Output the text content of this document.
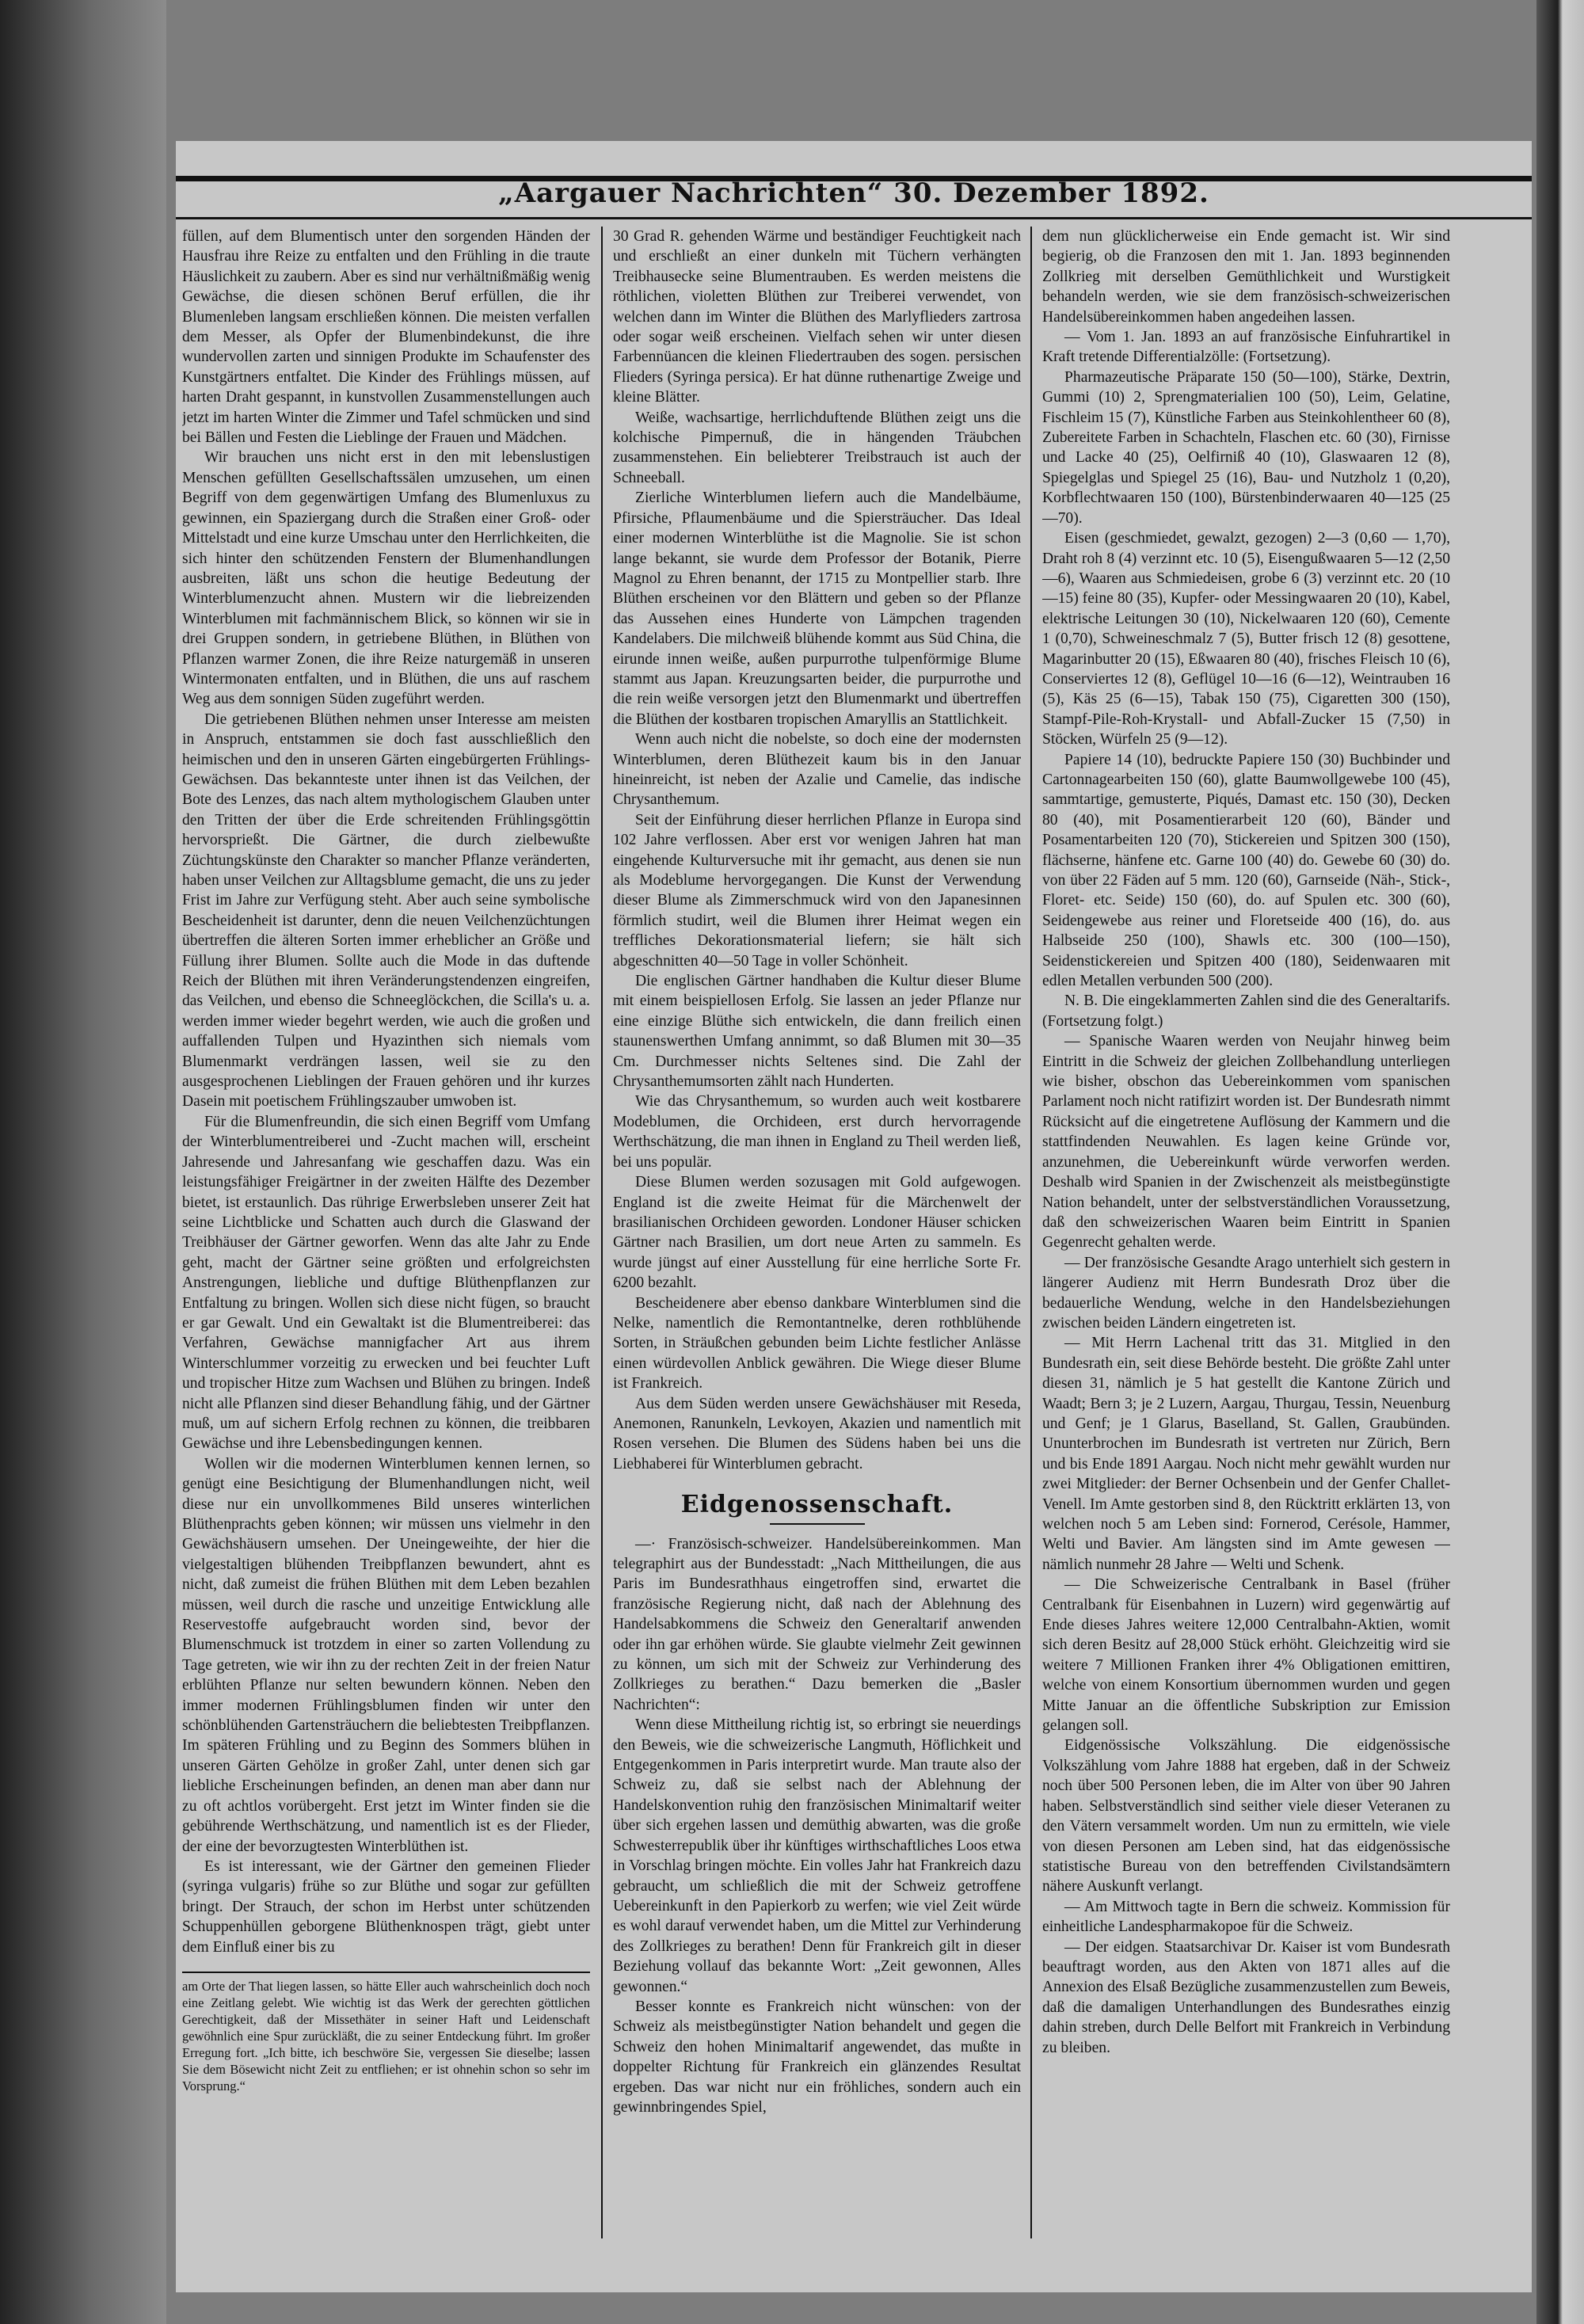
„Aargauer Nachrichten“ 30. Dezember 1892.

füllen, auf dem Blumentisch unter den sorgenden Händen der Hausfrau ihre Reize zu entfalten und den Frühling in die traute Häuslichkeit zu zaubern. Aber es sind nur verhältnißmäßig wenig Gewächse, die diesen schönen Beruf erfüllen, die ihr Blumenleben langsam erschließen können. Die meisten verfallen dem Messer, als Opfer der Blumenbindekunst, die ihre wundervollen zarten und sinnigen Produkte im Schaufenster des Kunstgärtners entfaltet. Die Kinder des Frühlings müssen, auf harten Draht gespannt, in kunstvollen Zusammenstellungen auch jetzt im harten Winter die Zimmer und Tafel schmücken und sind bei Bällen und Festen die Lieblinge der Frauen und Mädchen.

Wir brauchen uns nicht erst in den mit lebenslustigen Menschen gefüllten Gesellschaftssälen umzusehen, um einen Begriff von dem gegenwärtigen Umfang des Blumenluxus zu gewinnen, ein Spaziergang durch die Straßen einer Groß- oder Mittelstadt und eine kurze Umschau unter den Herrlichkeiten, die sich hinter den schützenden Fenstern der Blumenhandlungen ausbreiten, läßt uns schon die heutige Bedeutung der Winterblumenzucht ahnen. Mustern wir die liebreizenden Winterblumen mit fachmännischem Blick, so können wir sie in drei Gruppen sondern, in getriebene Blüthen, in Blüthen von Pflanzen warmer Zonen, die ihre Reize naturgemäß in unseren Wintermonaten entfalten, und in Blüthen, die uns auf raschem Weg aus dem sonnigen Süden zugeführt werden.

Die getriebenen Blüthen nehmen unser Interesse am meisten in Anspruch, entstammen sie doch fast ausschließlich den heimischen und den in unseren Gärten eingebürgerten Frühlings-Gewächsen. Das bekannteste unter ihnen ist das Veilchen, der Bote des Lenzes, das nach altem mythologischem Glauben unter den Tritten der über die Erde schreitenden Frühlingsgöttin hervorsprießt. Die Gärtner, die durch zielbewußte Züchtungskünste den Charakter so mancher Pflanze veränderten, haben unser Veilchen zur Alltagsblume gemacht, die uns zu jeder Frist im Jahre zur Verfügung steht. Aber auch seine symbolische Bescheidenheit ist darunter, denn die neuen Veilchenzüchtungen übertreffen die älteren Sorten immer erheblicher an Größe und Füllung ihrer Blumen. Sollte auch die Mode in das duftende Reich der Blüthen mit ihren Veränderungstendenzen eingreifen, das Veilchen, und ebenso die Schneeglöckchen, die Scilla's u. a. werden immer wieder begehrt werden, wie auch die großen und auffallenden Tulpen und Hyazinthen sich niemals vom Blumenmarkt verdrängen lassen, weil sie zu den ausgesprochenen Lieblingen der Frauen gehören und ihr kurzes Dasein mit poetischem Frühlingszauber umwoben ist.

Für die Blumenfreundin, die sich einen Begriff vom Umfang der Winterblumentreiberei und -Zucht machen will, erscheint Jahresende und Jahresanfang wie geschaffen dazu. Was ein leistungsfähiger Freigärtner in der zweiten Hälfte des Dezember bietet, ist erstaunlich. Das rührige Erwerbsleben unserer Zeit hat seine Lichtblicke und Schatten auch durch die Glaswand der Treibhäuser der Gärtner geworfen. Wenn das alte Jahr zu Ende geht, macht der Gärtner seine größten und erfolgreichsten Anstrengungen, liebliche und duftige Blüthenpflanzen zur Entfaltung zu bringen. Wollen sich diese nicht fügen, so braucht er gar Gewalt. Und ein Gewaltakt ist die Blumentreiberei: das Verfahren, Gewächse mannigfacher Art aus ihrem Winterschlummer vorzeitig zu erwecken und bei feuchter Luft und tropischer Hitze zum Wachsen und Blühen zu bringen. Indeß nicht alle Pflanzen sind dieser Behandlung fähig, und der Gärtner muß, um auf sichern Erfolg rechnen zu können, die treibbaren Gewächse und ihre Lebensbedingungen kennen.

Wollen wir die modernen Winterblumen kennen lernen, so genügt eine Besichtigung der Blumenhandlungen nicht, weil diese nur ein unvollkommenes Bild unseres winterlichen Blüthenprachts geben können; wir müssen uns vielmehr in den Gewächshäusern umsehen. Der Uneingeweihte, der hier die vielgestaltigen blühenden Treibpflanzen bewundert, ahnt es nicht, daß zumeist die frühen Blüthen mit dem Leben bezahlen müssen, weil durch die rasche und unzeitige Entwicklung alle Reservestoffe aufgebraucht worden sind, bevor der Blumenschmuck ist trotzdem in einer so zarten Vollendung zu Tage getreten, wie wir ihn zu der rechten Zeit in der freien Natur erblühten Pflanze nur selten bewundern können. Neben den immer modernen Frühlingsblumen finden wir unter den schönblühenden Gartensträuchern die beliebtesten Treibpflanzen. Im späteren Frühling und zu Beginn des Sommers blühen in unseren Gärten Gehölze in großer Zahl, unter denen sich gar liebliche Erscheinungen befinden, an denen man aber dann nur zu oft achtlos vorübergeht. Erst jetzt im Winter finden sie die gebührende Werthschätzung, und namentlich ist es der Flieder, der eine der bevorzugtesten Winterblüthen ist.

Es ist interessant, wie der Gärtner den gemeinen Flieder (syringa vulgaris) frühe so zur Blüthe und sogar zur gefüllten bringt. Der Strauch, der schon im Herbst unter schützenden Schuppenhüllen geborgene Blüthenknospen trägt, giebt unter dem Einfluß einer bis zu

am Orte der That liegen lassen, so hätte Eller auch wahrscheinlich doch noch eine Zeitlang gelebt. Wie wichtig ist das Werk der gerechten göttlichen Gerechtigkeit, daß der Missethäter in seiner Haft und Leidenschaft gewöhnlich eine Spur zurückläßt, die zu seiner Entdeckung führt. Im großer Erregung fort. „Ich bitte, ich beschwöre Sie, vergessen Sie dieselbe; lassen Sie dem Bösewicht nicht Zeit zu entfliehen; er ist ohnehin schon so sehr im Vorsprung.“

30 Grad R. gehenden Wärme und beständiger Feuchtigkeit nach und erschließt an einer dunkeln mit Tüchern verhängten Treibhausecke seine Blumentrauben. Es werden meistens die röthlichen, violetten Blüthen zur Treiberei verwendet, von welchen dann im Winter die Blüthen des Marlyflieders zartrosa oder sogar weiß erscheinen. Vielfach sehen wir unter diesen Farbennüancen die kleinen Fliedertrauben des sogen. persischen Flieders (Syringa persica). Er hat dünne ruthenartige Zweige und kleine Blätter.

Weiße, wachsartige, herrlichduftende Blüthen zeigt uns die kolchische Pimpernuß, die in hängenden Träubchen zusammenstehen. Ein beliebterer Treibstrauch ist auch der Schneeball.

Zierliche Winterblumen liefern auch die Mandelbäume, Pfirsiche, Pflaumenbäume und die Spiersträucher. Das Ideal einer modernen Winterblüthe ist die Magnolie. Sie ist schon lange bekannt, sie wurde dem Professor der Botanik, Pierre Magnol zu Ehren benannt, der 1715 zu Montpellier starb. Ihre Blüthen erscheinen vor den Blättern und geben so der Pflanze das Aussehen eines Hunderte von Lämpchen tragenden Kandelabers. Die milchweiß blühende kommt aus Süd China, die eirunde innen weiße, außen purpurrothe tulpenförmige Blume stammt aus Japan. Kreuzungsarten beider, die purpurrothe und die rein weiße versorgen jetzt den Blumenmarkt und übertreffen die Blüthen der kostbaren tropischen Amaryllis an Stattlichkeit.

Wenn auch nicht die nobelste, so doch eine der modernsten Winterblumen, deren Blüthezeit kaum bis in den Januar hineinreicht, ist neben der Azalie und Camelie, das indische Chrysanthemum.

Seit der Einführung dieser herrlichen Pflanze in Europa sind 102 Jahre verflossen. Aber erst vor wenigen Jahren hat man eingehende Kulturversuche mit ihr gemacht, aus denen sie nun als Modeblume hervorgegangen. Die Kunst der Verwendung dieser Blume als Zimmerschmuck wird von den Japanesinnen förmlich studirt, weil die Blumen ihrer Heimat wegen ein treffliches Dekorationsmaterial liefern; sie hält sich abgeschnitten 40—50 Tage in voller Schönheit.

Die englischen Gärtner handhaben die Kultur dieser Blume mit einem beispiellosen Erfolg. Sie lassen an jeder Pflanze nur eine einzige Blüthe sich entwickeln, die dann freilich einen staunenswerthen Umfang annimmt, so daß Blumen mit 30—35 Cm. Durchmesser nichts Seltenes sind. Die Zahl der Chrysanthemumsorten zählt nach Hunderten.

Wie das Chrysanthemum, so wurden auch weit kostbarere Modeblumen, die Orchideen, erst durch hervorragende Werthschätzung, die man ihnen in England zu Theil werden ließ, bei uns populär.

Diese Blumen werden sozusagen mit Gold aufgewogen. England ist die zweite Heimat für die Märchenwelt der brasilianischen Orchideen geworden. Londoner Häuser schicken Gärtner nach Brasilien, um dort neue Arten zu sammeln. Es wurde jüngst auf einer Ausstellung für eine herrliche Sorte Fr. 6200 bezahlt.

Bescheidenere aber ebenso dankbare Winterblumen sind die Nelke, namentlich die Remontantnelke, deren rothblühende Sorten, in Sträußchen gebunden beim Lichte festlicher Anlässe einen würdevollen Anblick gewähren. Die Wiege dieser Blume ist Frankreich.

Aus dem Süden werden unsere Gewächshäuser mit Reseda, Anemonen, Ranunkeln, Levkoyen, Akazien und namentlich mit Rosen versehen. Die Blumen des Südens haben bei uns die Liebhaberei für Winterblumen gebracht.

Eidgenossenschaft.

—· Französisch-schweizer. Handelsübereinkommen. Man telegraphirt aus der Bundesstadt: „Nach Mittheilungen, die aus Paris im Bundesrathhaus eingetroffen sind, erwartet die französische Regierung nicht, daß nach der Ablehnung des Handelsabkommens die Schweiz den Generaltarif anwenden oder ihn gar erhöhen würde. Sie glaubte vielmehr Zeit gewinnen zu können, um sich mit der Schweiz zur Verhinderung des Zollkrieges zu berathen.“ Dazu bemerken die „Basler Nachrichten“:

Wenn diese Mittheilung richtig ist, so erbringt sie neuerdings den Beweis, wie die schweizerische Langmuth, Höflichkeit und Entgegenkommen in Paris interpretirt wurde. Man traute also der Schweiz zu, daß sie selbst nach der Ablehnung der Handelskonvention ruhig den französischen Minimaltarif weiter über sich ergehen lassen und demüthig abwarten, was die große Schwesterrepublik über ihr künftiges wirthschaftliches Loos etwa in Vorschlag bringen möchte. Ein volles Jahr hat Frankreich dazu gebraucht, um schließlich die mit der Schweiz getroffene Uebereinkunft in den Papierkorb zu werfen; wie viel Zeit würde es wohl darauf verwendet haben, um die Mittel zur Verhinderung des Zollkrieges zu berathen! Denn für Frankreich gilt in dieser Beziehung vollauf das bekannte Wort: „Zeit gewonnen, Alles gewonnen.“

Besser konnte es Frankreich nicht wünschen: von der Schweiz als meistbegünstigter Nation behandelt und gegen die Schweiz den hohen Minimaltarif angewendet, das mußte in doppelter Richtung für Frankreich ein glänzendes Resultat ergeben. Das war nicht nur ein fröhliches, sondern auch ein gewinnbringendes Spiel,

dem nun glücklicherweise ein Ende gemacht ist. Wir sind begierig, ob die Franzosen den mit 1. Jan. 1893 beginnenden Zollkrieg mit derselben Gemüthlichkeit und Wurstigkeit behandeln werden, wie sie dem französisch-schweizerischen Handelsübereinkommen haben angedeihen lassen.

— Vom 1. Jan. 1893 an auf französische Einfuhrartikel in Kraft tretende Differentialzölle: (Fortsetzung).

Pharmazeutische Präparate 150 (50—100), Stärke, Dextrin, Gummi (10) 2, Sprengmaterialien 100 (50), Leim, Gelatine, Fischleim 15 (7), Künstliche Farben aus Steinkohlentheer 60 (8), Zubereitete Farben in Schachteln, Flaschen etc. 60 (30), Firnisse und Lacke 40 (25), Oelfirniß 40 (10), Glaswaaren 12 (8), Spiegelglas und Spiegel 25 (16), Bau- und Nutzholz 1 (0,20), Korbflechtwaaren 150 (100), Bürstenbinderwaaren 40—125 (25—70).

Eisen (geschmiedet, gewalzt, gezogen) 2—3 (0,60 — 1,70), Draht roh 8 (4) verzinnt etc. 10 (5), Eisengußwaaren 5—12 (2,50—6), Waaren aus Schmiedeisen, grobe 6 (3) verzinnt etc. 20 (10—15) feine 80 (35), Kupfer- oder Messingwaaren 20 (10), Kabel, elektrische Leitungen 30 (10), Nickelwaaren 120 (60), Cemente 1 (0,70), Schweineschmalz 7 (5), Butter frisch 12 (8) gesottene, Magarinbutter 20 (15), Eßwaaren 80 (40), frisches Fleisch 10 (6), Conserviertes 12 (8), Geflügel 10—16 (6—12), Weintrauben 16 (5), Käs 25 (6—15), Tabak 150 (75), Cigaretten 300 (150), Stampf-Pile-Roh-Krystall- und Abfall-Zucker 15 (7,50) in Stöcken, Würfeln 25 (9—12).

Papiere 14 (10), bedruckte Papiere 150 (30) Buchbinder und Cartonnagearbeiten 150 (60), glatte Baumwollgewebe 100 (45), sammtartige, gemusterte, Piqués, Damast etc. 150 (30), Decken 80 (40), mit Posamentierarbeit 120 (60), Bänder und Posamentarbeiten 120 (70), Stickereien und Spitzen 300 (150), flächserne, hänfene etc. Garne 100 (40) do. Gewebe 60 (30) do. von über 22 Fäden auf 5 mm. 120 (60), Garnseide (Näh-, Stick-, Floret- etc. Seide) 150 (60), do. auf Spulen etc. 300 (60), Seidengewebe aus reiner und Floretseide 400 (16), do. aus Halbseide 250 (100), Shawls etc. 300 (100—150), Seidenstickereien und Spitzen 400 (180), Seidenwaaren mit edlen Metallen verbunden 500 (200).

N. B. Die eingeklammerten Zahlen sind die des Generaltarifs. (Fortsetzung folgt.)

— Spanische Waaren werden von Neujahr hinweg beim Eintritt in die Schweiz der gleichen Zollbehandlung unterliegen wie bisher, obschon das Uebereinkommen vom spanischen Parlament noch nicht ratifizirt worden ist. Der Bundesrath nimmt Rücksicht auf die eingetretene Auflösung der Kammern und die stattfindenden Neuwahlen. Es lagen keine Gründe vor, anzunehmen, die Uebereinkunft würde verworfen werden. Deshalb wird Spanien in der Zwischenzeit als meistbegünstigte Nation behandelt, unter der selbstverständlichen Voraussetzung, daß den schweizerischen Waaren beim Eintritt in Spanien Gegenrecht gehalten werde.

— Der französische Gesandte Arago unterhielt sich gestern in längerer Audienz mit Herrn Bundesrath Droz über die bedauerliche Wendung, welche in den Handelsbeziehungen zwischen beiden Ländern eingetreten ist.

— Mit Herrn Lachenal tritt das 31. Mitglied in den Bundesrath ein, seit diese Behörde besteht. Die größte Zahl unter diesen 31, nämlich je 5 hat gestellt die Kantone Zürich und Waadt; Bern 3; je 2 Luzern, Aargau, Thurgau, Tessin, Neuenburg und Genf; je 1 Glarus, Baselland, St. Gallen, Graubünden. Ununterbrochen im Bundesrath ist vertreten nur Zürich, Bern und bis Ende 1891 Aargau. Noch nicht mehr gewählt wurden nur zwei Mitglieder: der Berner Ochsenbein und der Genfer Challet-Venell. Im Amte gestorben sind 8, den Rücktritt erklärten 13, von welchen noch 5 am Leben sind: Fornerod, Cerésole, Hammer, Welti und Bavier. Am längsten sind im Amte gewesen — nämlich nunmehr 28 Jahre — Welti und Schenk.

— Die Schweizerische Centralbank in Basel (früher Centralbank für Eisenbahnen in Luzern) wird gegenwärtig auf Ende dieses Jahres weitere 12,000 Centralbahn-Aktien, womit sich deren Besitz auf 28,000 Stück erhöht. Gleichzeitig wird sie weitere 7 Millionen Franken ihrer 4% Obligationen emittiren, welche von einem Konsortium übernommen wurden und gegen Mitte Januar an die öffentliche Subskription zur Emission gelangen soll.

Eidgenössische Volkszählung. Die eidgenössische Volkszählung vom Jahre 1888 hat ergeben, daß in der Schweiz noch über 500 Personen leben, die im Alter von über 90 Jahren haben. Selbstverständlich sind seither viele dieser Veteranen zu den Vätern versammelt worden. Um nun zu ermitteln, wie viele von diesen Personen am Leben sind, hat das eidgenössische statistische Bureau von den betreffenden Civilstandsämtern nähere Auskunft verlangt.

— Am Mittwoch tagte in Bern die schweiz. Kommission für einheitliche Landespharmakopoe für die Schweiz.

— Der eidgen. Staatsarchivar Dr. Kaiser ist vom Bundesrath beauftragt worden, aus den Akten von 1871 alles auf die Annexion des Elsaß Bezügliche zusammenzustellen zum Beweis, daß die damaligen Unterhandlungen des Bundesrathes einzig dahin streben, durch Delle Belfort mit Frankreich in Verbindung zu bleiben.
